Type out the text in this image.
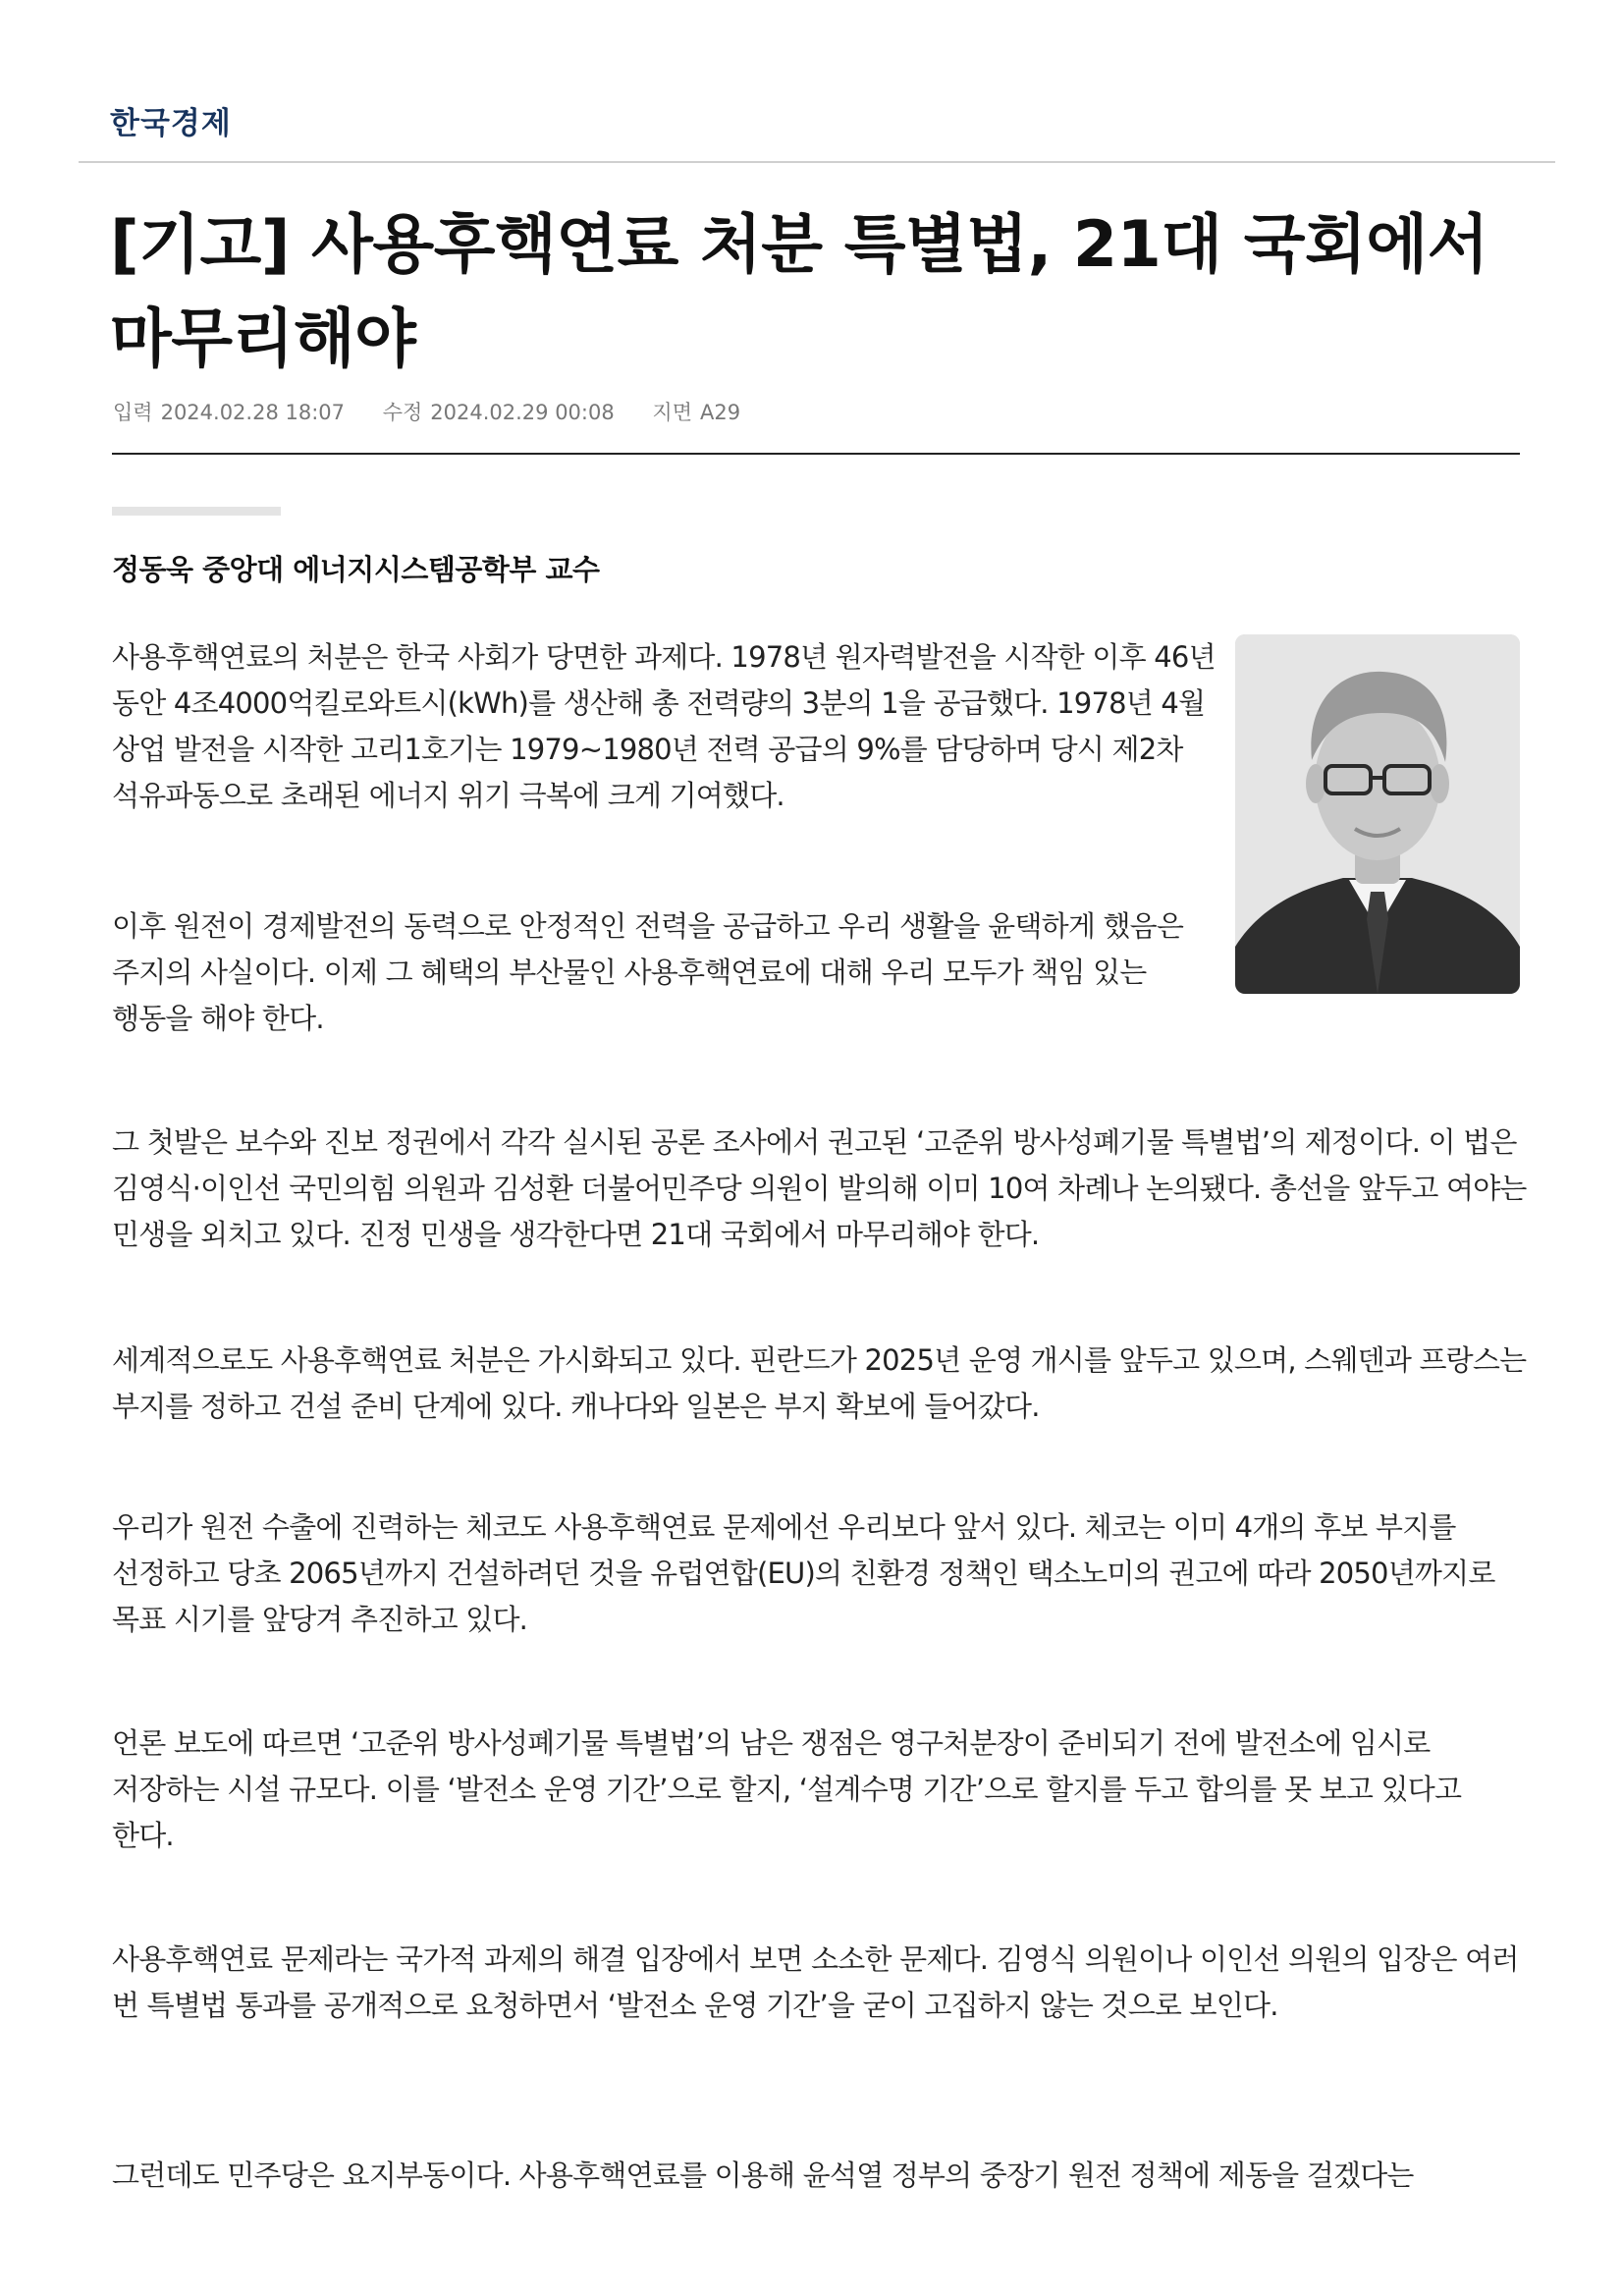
한국경제
[기고] 사용후핵연료 처분 특별법, 21대 국회에서 마무리해야
입력 2024.02.28 18:07 수정 2024.02.29 00:08 지면 A29
정동욱 중앙대 에너지시스템공학부 교수

사용후핵연료의 처분은 한국 사회가 당면한 과제다. 1978년 원자력발전을 시작한 이후 46년 동안 4조4000억킬로와트시(kWh)를 생산해 총 전력량의 3분의 1을 공급했다. 1978년 4월 상업 발전을 시작한 고리1호기는 1979~1980년 전력 공급의 9%를 담당하며 당시 제2차 석유파동으로 초래된 에너지 위기 극복에 크게 기여했다.

이후 원전이 경제발전의 동력으로 안정적인 전력을 공급하고 우리 생활을 윤택하게 했음은 주지의 사실이다. 이제 그 혜택의 부산물인 사용후핵연료에 대해 우리 모두가 책임 있는 행동을 해야 한다.

그 첫발은 보수와 진보 정권에서 각각 실시된 공론 조사에서 권고된 ‘고준위 방사성폐기물 특별법’의 제정이다. 이 법은 김영식·이인선 국민의힘 의원과 김성환 더불어민주당 의원이 발의해 이미 10여 차례나 논의됐다. 총선을 앞두고 여야는 민생을 외치고 있다. 진정 민생을 생각한다면 21대 국회에서 마무리해야 한다.

세계적으로도 사용후핵연료 처분은 가시화되고 있다. 핀란드가 2025년 운영 개시를 앞두고 있으며, 스웨덴과 프랑스는 부지를 정하고 건설 준비 단계에 있다. 캐나다와 일본은 부지 확보에 들어갔다.

우리가 원전 수출에 진력하는 체코도 사용후핵연료 문제에선 우리보다 앞서 있다. 체코는 이미 4개의 후보 부지를 선정하고 당초 2065년까지 건설하려던 것을 유럽연합(EU)의 친환경 정책인 택소노미의 권고에 따라 2050년까지로 목표 시기를 앞당겨 추진하고 있다.

언론 보도에 따르면 ‘고준위 방사성폐기물 특별법’의 남은 쟁점은 영구처분장이 준비되기 전에 발전소에 임시로 저장하는 시설 규모다. 이를 ‘발전소 운영 기간’으로 할지, ‘설계수명 기간’으로 할지를 두고 합의를 못 보고 있다고 한다.

사용후핵연료 문제라는 국가적 과제의 해결 입장에서 보면 소소한 문제다. 김영식 의원이나 이인선 의원의 입장은 여러 번 특별법 통과를 공개적으로 요청하면서 ‘발전소 운영 기간’을 굳이 고집하지 않는 것으로 보인다.

그런데도 민주당은 요지부동이다. 사용후핵연료를 이용해 윤석열 정부의 중장기 원전 정책에 제동을 걸겠다는
